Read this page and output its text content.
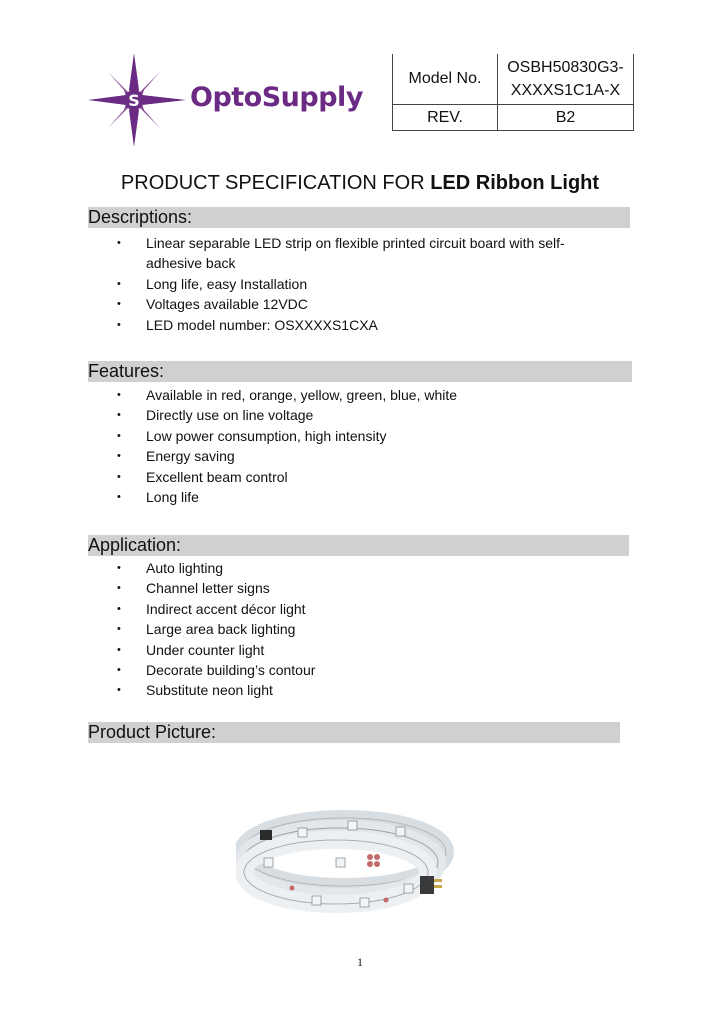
S OptoSupply
Model No.	OSBH50830G3-
XXXXS1C1A-X

REV.	B2
PRODUCT SPECIFICATION FOR LED Ribbon Light
Descriptions:
• Linear separable LED strip on flexible printed circuit board with self-adhesive back
• Long life, easy Installation
• Voltages available 12VDC
• LED model number: OSXXXXS1CXA
Features:
• Available in red, orange, yellow, green, blue, white
• Directly use on line voltage
• Low power consumption, high intensity
• Energy saving
• Excellent beam control
• Long life
Application:
• Auto lighting
• Channel letter signs
• Indirect accent décor light
• Large area back lighting
• Under counter light
• Decorate building’s contour
• Substitute neon light
Product Picture:
1
